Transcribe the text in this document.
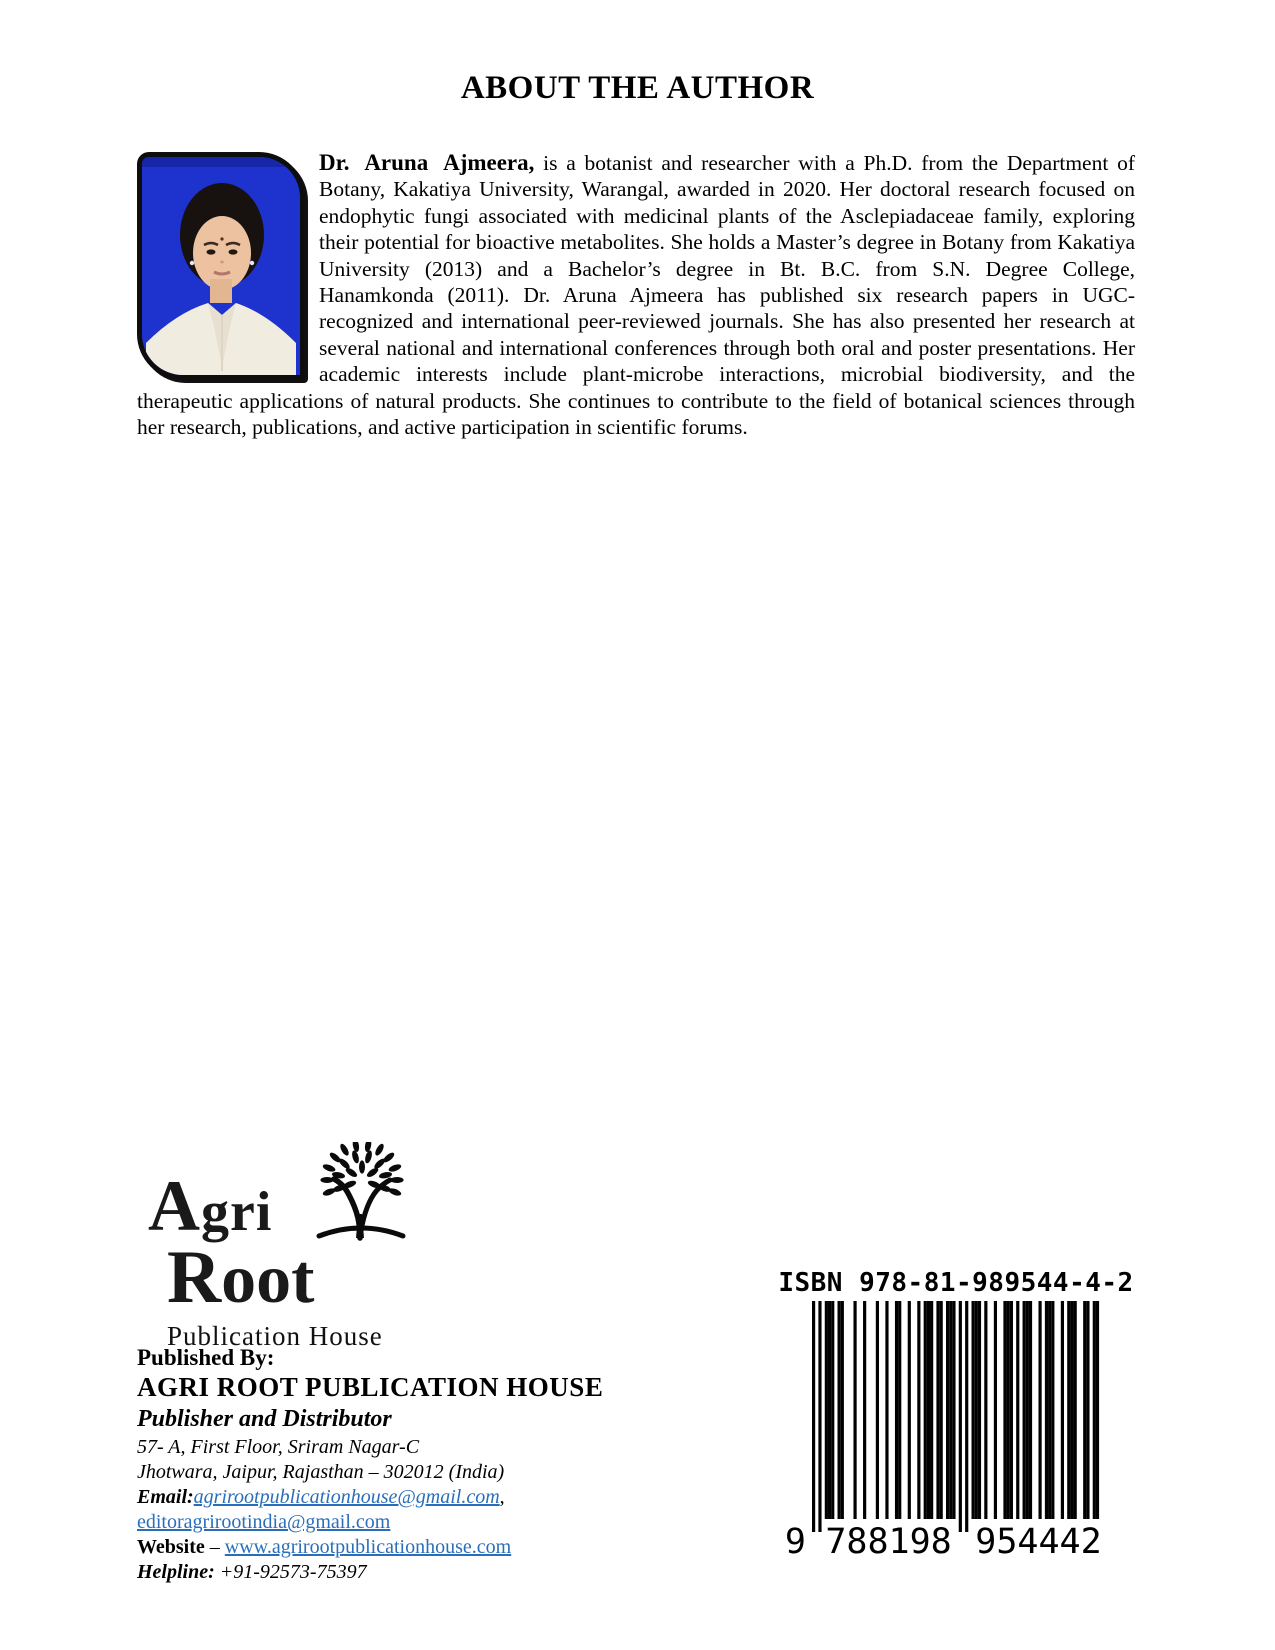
ABOUT THE AUTHOR

Dr. Aruna Ajmeera, is a botanist and researcher with a Ph.D. from the Department of Botany, Kakatiya University, Warangal, awarded in 2020. Her doctoral research focused on endophytic fungi associated with medicinal plants of the Asclepiadaceae family, exploring their potential for bioactive metabolites. She holds a Master’s degree in Botany from Kakatiya University (2013) and a Bachelor’s degree in Bt. B.C. from S.N. Degree College, Hanamkonda (2011). Dr. Aruna Ajmeera has published six research papers in UGC- recognized and international peer-reviewed journals. She has also presented her research at several national and international conferences through both oral and poster presentations. Her academic interests include plant-microbe interactions, microbial biodiversity, and the therapeutic applications of natural products. She continues to contribute to the field of botanical sciences through her research, publications, and active participation in scientific forums.

Agri
Root
Publication House
Published By:
AGRI ROOT PUBLICATION HOUSE
Publisher and Distributor
57- A, First Floor, Sriram Nagar-C
Jhotwara, Jaipur, Rajasthan – 302012 (India)
Email:agrirootpublicationhouse@gmail.com, editoragrirootindia@gmail.com
Website – www.agrirootpublicationhouse.com
Helpline: +91-92573-75397
ISBN 978-81-989544-4-2
9 788198 954442
